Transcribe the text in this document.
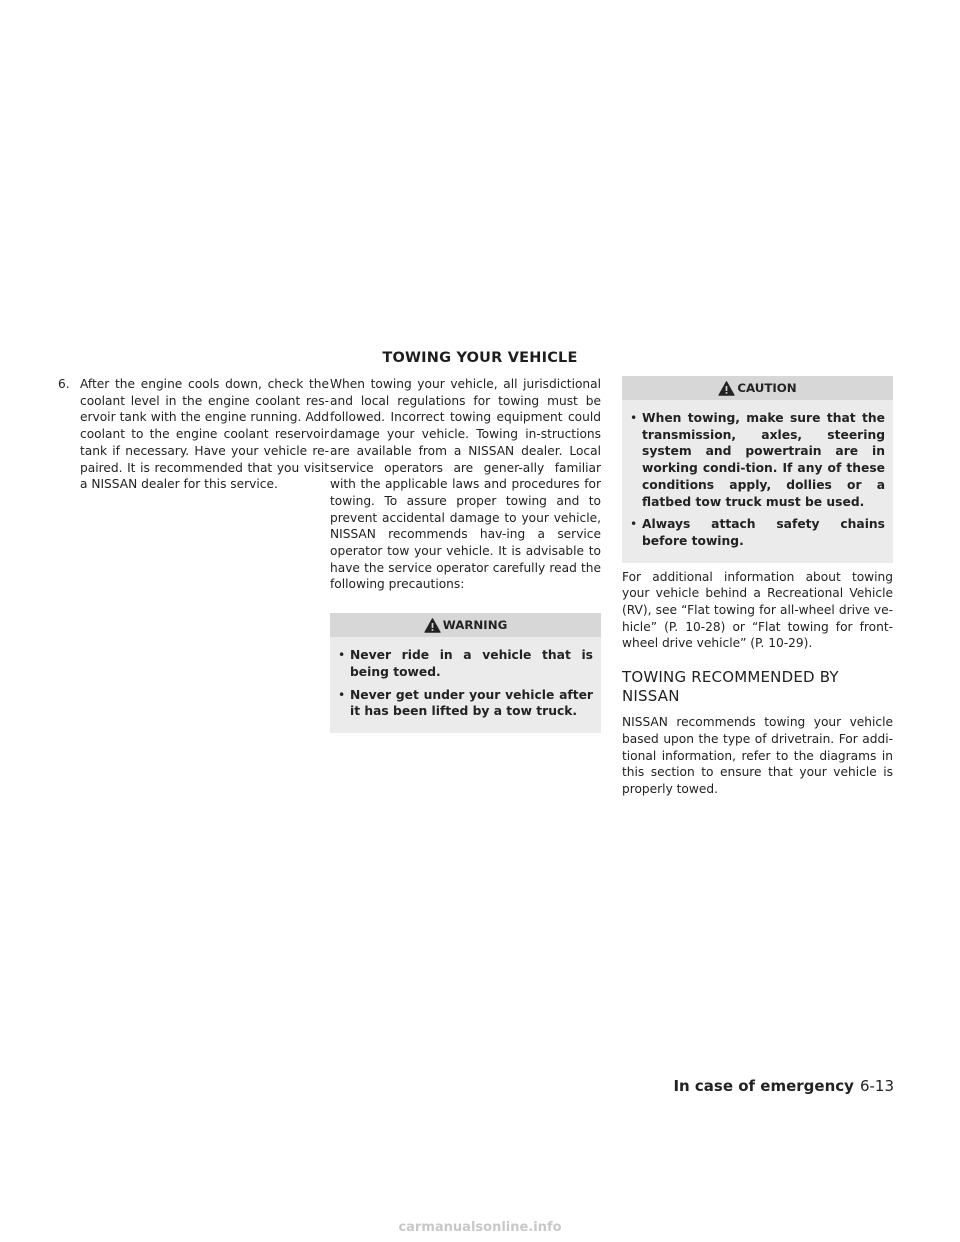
TOWING YOUR VEHICLE
6. After the engine cools down, check the coolant level in the engine coolant res-ervoir tank with the engine running. Add coolant to the engine coolant reservoir tank if necessary. Have your vehicle re-paired. It is recommended that you visit a NISSAN dealer for this service.

When towing your vehicle, all jurisdictional and local regulations for towing must be followed. Incorrect towing equipment could damage your vehicle. Towing in-structions are available from a NISSAN dealer. Local service operators are gener-ally familiar with the applicable laws and procedures for towing. To assure proper towing and to prevent accidental damage to your vehicle, NISSAN recommends hav-ing a service operator tow your vehicle. It is advisable to have the service operator carefully read the following precautions:

WARNING
• Never ride in a vehicle that is being towed.
• Never get under your vehicle after it has been lifted by a tow truck.
CAUTION
• When towing, make sure that the transmission, axles, steering system and powertrain are in working condi-tion. If any of these conditions apply, dollies or a flatbed tow truck must be used.
• Always attach safety chains before towing.

For additional information about towing your vehicle behind a Recreational Vehicle (RV), see “Flat towing for all-wheel drive ve-hicle” (P. 10-28) or “Flat towing for front-wheel drive vehicle” (P. 10-29).

TOWING RECOMMENDED BY
NISSAN

NISSAN recommends towing your vehicle based upon the type of drivetrain. For addi-tional information, refer to the diagrams in this section to ensure that your vehicle is properly towed.

In case of emergency 6-13
carmanualsonline.info
